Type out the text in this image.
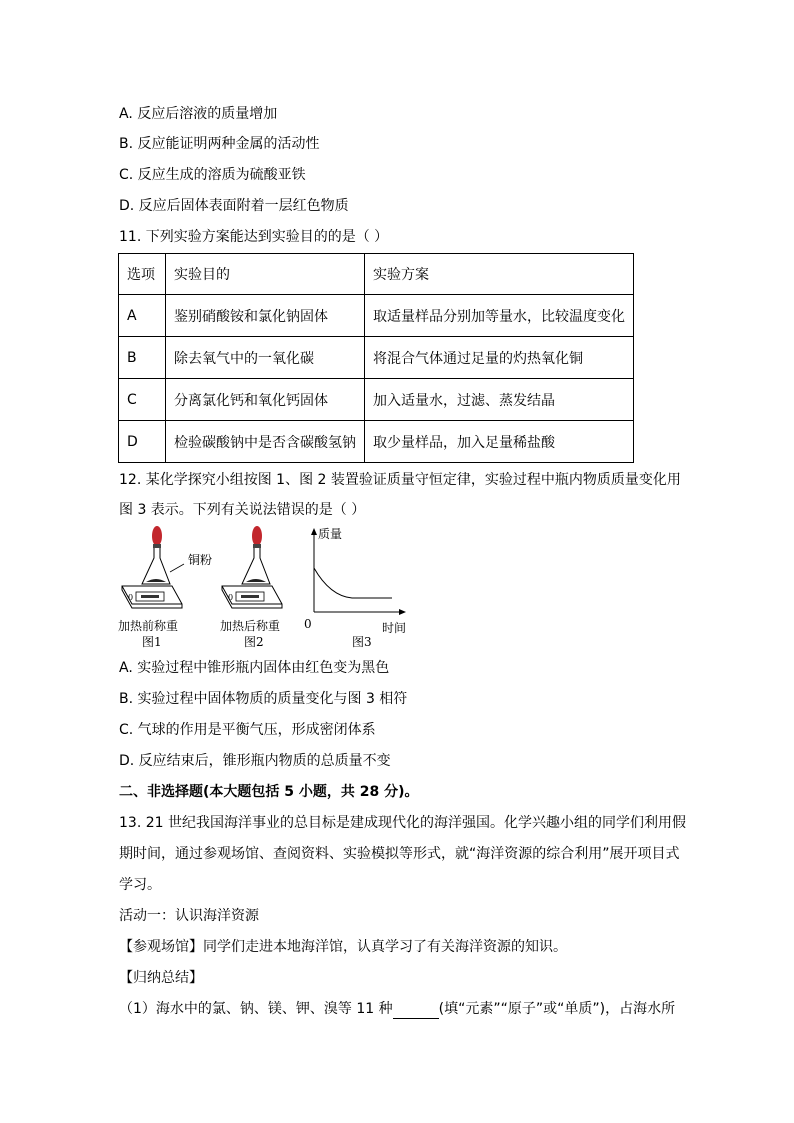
A. 反应后溶液的质量增加
B. 反应能证明两种金属的活动性
C. 反应生成的溶质为硫酸亚铁
D. 反应后固体表面附着一层红色物质
11. 下列实验方案能达到实验目的的是（ ）
选项	实验目的	实验方案
A	鉴别硝酸铵和氯化钠固体	取适量样品分别加等量水，比较温度变化
B	除去氧气中的一氧化碳	将混合气体通过足量的灼热氧化铜
C	分离氯化钙和氧化钙固体	加入适量水，过滤、蒸发结晶
D	检验碳酸钠中是否含碳酸氢钠	取少量样品，加入足量稀盐酸
12. 某化学探究小组按图 1、图 2 装置验证质量守恒定律，实验过程中瓶内物质质量变化用
图 3 表示。下列有关说法错误的是（ ）
0
铜粉
加热前称重
图1
0
加热后称重
图2
质量
时间
0
图3
A. 实验过程中锥形瓶内固体由红色变为黑色
B. 实验过程中固体物质的质量变化与图 3 相符
C. 气球的作用是平衡气压，形成密闭体系
D. 反应结束后，锥形瓶内物质的总质量不变
二、非选择题(本大题包括 5 小题，共 28 分)。
13. 21 世纪我国海洋事业的总目标是建成现代化的海洋强国。化学兴趣小组的同学们利用假
期时间，通过参观场馆、查阅资料、实验模拟等形式，就“海洋资源的综合利用”展开项目式
学习。
活动一：认识海洋资源
【参观场馆】同学们走进本地海洋馆，认真学习了有关海洋资源的知识。
【归纳总结】
（1）海水中的氯、钠、镁、钾、溴等 11 种	(填“元素”“原子”或“单质”)，占海水所
